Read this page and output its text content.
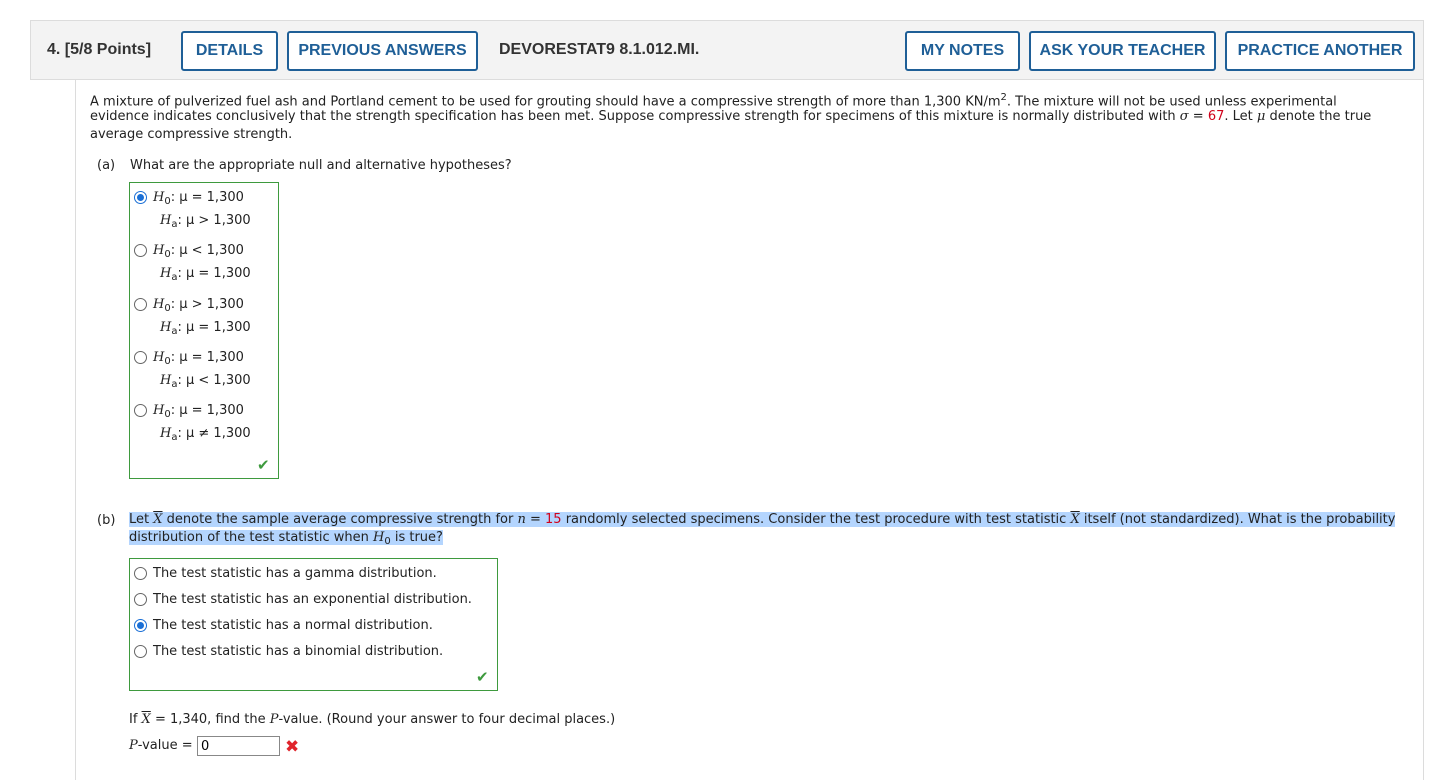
4. [5/8 Points]	DETAILS	PREVIOUS ANSWERS	DEVORESTAT9 8.1.012.MI.	MY NOTES	ASK YOUR TEACHER	PRACTICE ANOTHER
A mixture of pulverized fuel ash and Portland cement to be used for grouting should have a compressive strength of more than 1,300 $KN/m^2$. The mixture will not be used unless experimental
evidence indicates conclusively that the strength specification has been met. Suppose compressive strength for specimens of this mixture is normally distributed with σ = 67. Let μ denote the true
average compressive strength.
(a) What are the appropriate null and alternative hypotheses?
$H_0$: μ = 1,300
$H_a$: μ > 1,300
$H_0$: μ < 1,300
$H_a$: μ = 1,300
$H_0$: μ > 1,300
$H_a$: μ = 1,300
$H_0$: μ = 1,300
$H_a$: μ < 1,300
$H_0$: μ = 1,300
$H_a$: μ ≠ 1,300
✔
(b) Let $\overline{X}$ denote the sample average compressive strength for n = 15 randomly selected specimens. Consider the test procedure with test statistic $\overline{X}$ itself (not standardized). What is the probability
distribution of the test statistic when $H_0$ is true?
The test statistic has a gamma distribution.
The test statistic has an exponential distribution.
The test statistic has a normal distribution.
The test statistic has a binomial distribution.
✔
If $\overline{X} = 1,340$, find the P-value. (Round your answer to four decimal places.)
P-value =
0	✖
